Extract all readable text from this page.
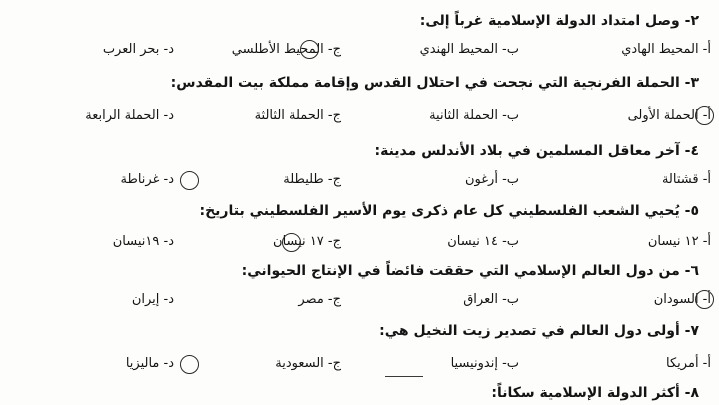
٢- وصل امتداد الدولة الإسلامية غرباً إلى:
أ- المحيط الهادي
ب- المحيط الهندي
ج- المحيط الأطلسي
د- بحر العرب
٣- الحملة الفرنجية التي نجحت في احتلال القدس وإقامة مملكة بيت المقدس:
أ- الحملة الأولى
ب- الحملة الثانية
ج- الحملة الثالثة
د- الحملة الرابعة
٤- آخر معاقل المسلمين في بلاد الأندلس مدينة:
أ- قشتالة
ب- أرغون
ج- طليطلة
د- غرناطة
٥- يُحيي الشعب الفلسطيني كل عام ذكرى يوم الأسير الفلسطيني بتاريخ:
أ- ١٢ نيسان
ب- ١٤ نيسان
ج- ١٧ نيسان
د- ١٩نيسان
٦- من دول العالم الإسلامي التي حققت فائضاً في الإنتاج الحيواني:
أ- السودان
ب- العراق
ج- مصر
د- إيران
٧- أولى دول العالم في تصدير زيت النخيل هي:
أ- أمريكا
ب- إندونيسيا
ج- السعودية
د- ماليزيا
٨- أكثر الدولة الإسلامية سكاناً:
